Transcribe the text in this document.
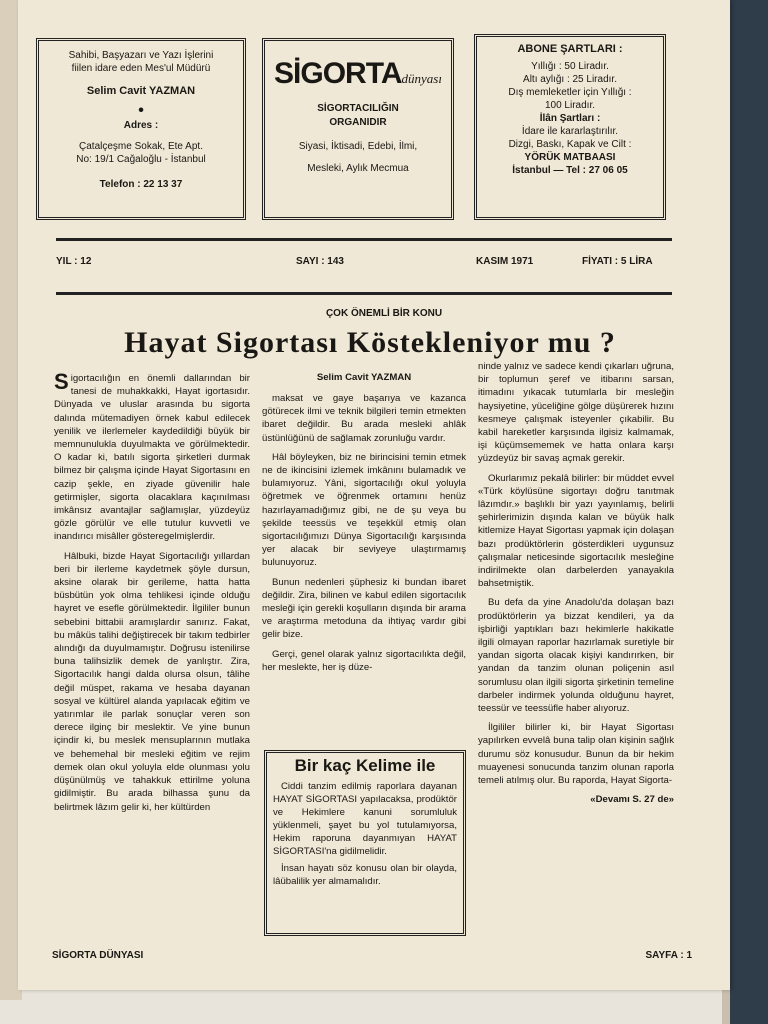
Sahibi, Başyazarı ve Yazı İşlerini
fiilen idare eden Mes'ul Müdürü
Selim Cavit YAZMAN
•
Adres :
Çatalçeşme Sokak, Ete Apt.
No: 19/1 Cağaloğlu - İstanbul
Telefon : 22 13 37
SİGORTAdünyası
SİGORTACILIĞIN
ORGANIDIR
Siyasi, İktisadi, Edebi, İlmi,
Mesleki, Aylık Mecmua
ABONE ŞARTLARI :
Yıllığı : 50 Liradır.
Altı aylığı : 25 Liradır.
Dış memleketler için Yıllığı :
100 Liradır.
İlân Şartları :
İdare ile kararlaştırılır.
Dizgi, Baskı, Kapak ve Cilt :
YÖRÜK MATBAASI
İstanbul — Tel : 27 06 05
YIL : 12	SAYI : 143	KASIM 1971	FİYATI : 5 LİRA
ÇOK ÖNEMLİ BİR KONU
Hayat Sigortası Köstekleniyor mu ?

Sigortacılığın en önemli dallarından bir tanesi de muhakkakki, Hayat igortasıdır. Dünyada ve uluslar arasında bu sigorta dalında mütemadiyen örnek kabul edilecek yenilik ve ilerlemeler kaydedildiği büyük bir memnunulukla duyulmakta ve görülmektedir. O kadar ki, batılı sigorta şirketleri durmak bilmez bir çalışma içinde Hayat Sigortasını en cazip şekle, en ziyade güvenilir hale getirmişler, sigorta olacaklara kaçınılması imkânsız avantajlar sağlamışlar, yüzdeyüz gözle görülür ve elle tutulur kuvvetli ve inandırıcı misâller gösteregelmişlerdir.

Hâlbuki, bizde Hayat Sigortacılığı yıllardan beri bir ilerleme kaydetmek şöyle dursun, aksine olarak bir gerileme, hatta hatta büsbütün yok olma tehlikesi içinde olduğu hayret ve esefle görülmektedir. İlgililer bunun sebebini bittabii aramışlardır sanırız. Fakat, bu mâküs talihi değiştirecek bir takım tedbirler alındığı da duyulmamıştır. Doğrusu istenilirse buna talihsizlik demek de yanlıştır. Zira, Sigortacılık hangi dalda olursa olsun, tâlihe değil müspet, rakama ve hesaba dayanan sosyal ve kültürel alanda yapılacak eğitim ve yatırımlar ile parlak sonuçlar veren son derece ilginç bir meslektir. Ve yine bunun içindir ki, bu meslek mensuplarının mutlaka ve behemehal bir mesleki eğitim ve rejim demek olan okul yoluyla elde olunması yolu düşünülmüş ve tahakkuk ettirilme yoluna gidilmiştir. Bu arada bilhassa şunu da belirtmek lâzım gelir ki, her kültürden

Selim Cavit YAZMAN

maksat ve gaye başarıya ve kazanca götürecek ilmi ve teknik bilgileri temin etmekten ibaret değildir. Bu arada mesleki ahlâk üstünlüğünü de sağlamak zorunluğu vardır.

Hâl böyleyken, biz ne birincisini temin etmek ne de ikincisini izlemek imkânını bulamadık ve bulamıyoruz. Yâni, sigortacılığı okul yoluyla öğretmek ve öğrenmek ortamını henüz hazırlayamadığımız gibi, ne de şu veya bu şekilde teessüs ve teşekkül etmiş olan sigortacılığımızı Dünya Sigortacılığı karşısında yer alacak bir seviyeye ulaştırmamış bulunuyoruz.

Bunun nedenleri şüphesiz ki bundan ibaret değildir. Zira, bilinen ve kabul edilen sigortacılık mesleği için gerekli koşulların dışında bir arama ve araştırma metoduna da ihtiyaç vardır gibi gelir bize.

Gerçi, genel olarak yalnız sigortacılıkta değil, her meslekte, her iş düze-

Bir kaç Kelime ile

Ciddi tanzim edilmiş raporlara dayanan HAYAT SİGORTASI yapılacaksa, prodüktör ve Hekimlere kanuni sorumluluk yüklenmeli, şayet bu yol tutulamıyorsa, Hekim raporuna dayanmıyan HAYAT SİGORTASI'na gidilmelidir.

İnsan hayatı söz konusu olan bir olayda, lâübalilik yer almamalıdır.

ninde yalnız ve sadece kendi çıkarları uğruna, bir toplumun şeref ve itibarını sarsan, itimadını yıkacak tutumlarla bir mesleğin haysiyetine, yüceliğine gölge düşürerek hızını kesmeye çalışmak isteyenler çıkabilir. Bu kabil hareketler karşısında ilgisiz kalmamak, işi küçümsememek ve hatta onlara karşı yüzdeyüz bir savaş açmak gerekir.

Okurlarımız pekalâ bilirler: bir müddet evvel «Türk köylüsüne sigortayı doğru tanıtmak lâzımdır.» başlıklı bir yazı yayınlamış, belirli şehirlerimizin dışında kalan ve büyük halk kitlemize Hayat Sigortası yapmak için dolaşan bazı prodüktörlerin gösterdikleri uygunsuz çalışmalar neticesinde sigortacılık mesleğine indirilmekte olan darbelerden yanayakıla bahsetmiştik.

Bu defa da yine Anadolu'da dolaşan bazı prodüktörlerin ya bizzat kendileri, ya da işbirliği yaptıkları bazı hekimlerle hakikatle ilgili olmayan raporlar hazırlamak suretiyle bir yandan sigorta olacak kişiyi kandırırken, bir yandan da tanzim olunan poliçenin asıl sorumlusu olan ilgili sigorta şirketinin temeline darbeler indirmek yolunda olduğunu hayret, teessür ve teessüfle haber alıyoruz.

İlgililer bilirler ki, bir Hayat Sigortası yapılırken evvelâ buna talip olan kişinin sağlık durumu söz konusudur. Bunun da bir hekim muayenesi sonucunda tanzim olunan raporla temeli atılmış olur. Bu raporda, Hayat Sigorta-

«Devamı S. 27 de»
SİGORTA DÜNYASI	SAYFA : 1
